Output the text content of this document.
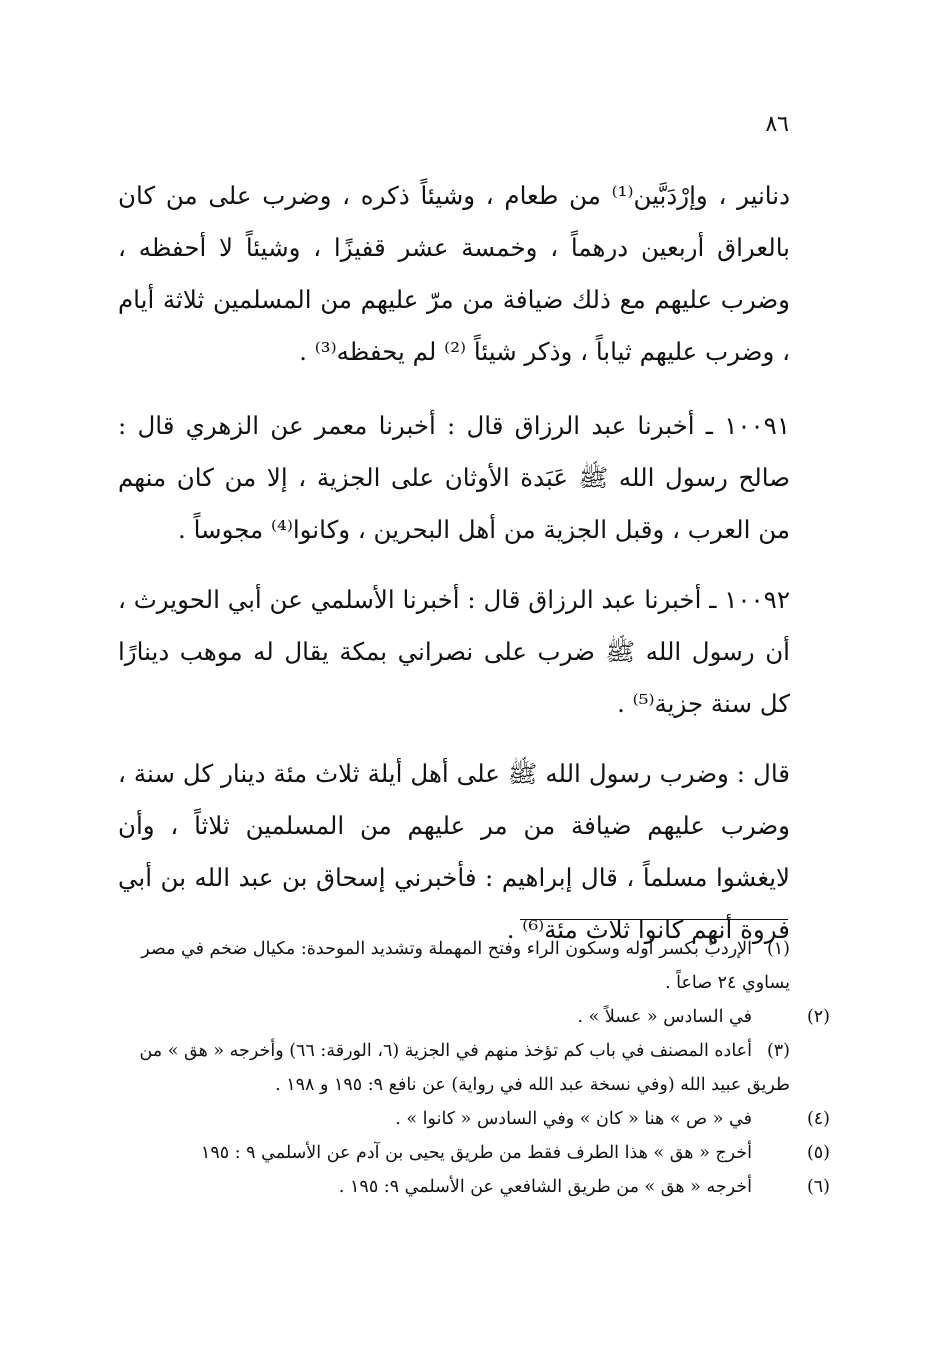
٨٦

دنانير ، وإرْدَبَّين⁽¹⁾ من طعام ، وشيئاً ذكره ، وضرب على من كان بالعراق أربعين درهماً ، وخمسة عشر قفيزًا ، وشيئاً لا أحفظه ، وضرب عليهم مع ذلك ضيافة من مرّ عليهم من المسلمين ثلاثة أيام ، وضرب عليهم ثياباً ، وذكر شيئاً ⁽²⁾ لم يحفظه⁽³⁾ .

١٠٠٩١ ـ أخبرنا عبد الرزاق قال : أخبرنا معمر عن الزهري قال : صالح رسول الله ﷺ عَبَدة الأوثان على الجزية ، إلا من كان منهم من العرب ، وقبل الجزية من أهل البحرين ، وكانوا⁽⁴⁾ مجوساً .

١٠٠٩٢ ـ أخبرنا عبد الرزاق قال : أخبرنا الأسلمي عن أبي الحويرث ، أن رسول الله ﷺ ضرب على نصراني بمكة يقال له موهب دينارًا كل سنة جزية⁽⁵⁾ .

قال : وضرب رسول الله ﷺ على أهل أيلة ثلاث مئة دينار كل سنة ، وضرب عليهم ضيافة من مر عليهم من المسلمين ثلاثاً ، وأن لايغشوا مسلماً ، قال إبراهيم : فأخبرني إسحاق بن عبد الله بن أبي فروة أنهم كانوا ثلاث مئة⁽⁶⁾ .

(١)الإردبُّ بكسر أوله وسكون الراء وفتح المهملة وتشديد الموحدة: مكيال ضخم في مصر يساوي ٢٤ صاعاً .

(٢)في السادس « عسلاً » .

(٣)أعاده المصنف في باب كم تؤخذ منهم في الجزية (٦، الورقة: ٦٦) وأخرجه « هق » من طريق عبيد الله (وفي نسخة عبد الله في رواية) عن نافع ٩: ١٩٥ و ١٩٨ .

(٤)في « ص » هنا « كان » وفي السادس « كانوا » .

(٥)أخرج « هق » هذا الطرف فقط من طريق يحيى بن آدم عن الأسلمي ٩ : ١٩٥

(٦)أخرجه « هق » من طريق الشافعي عن الأسلمي ٩: ١٩٥ .
